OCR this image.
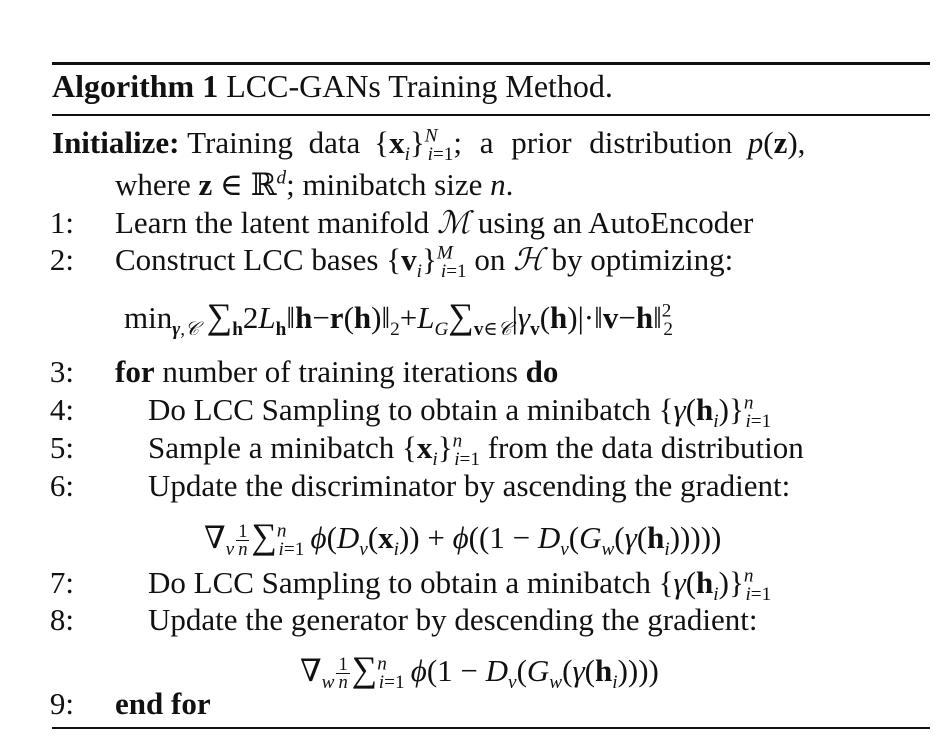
Algorithm 1 LCC-GANs Training Method.
Initialize: Training data  $\{x_i\}^N_{i=1}$; a prior distribution p(z),
where z ∈ ℝ$^d$; minibatch size n.
1: Learn the latent manifold ℳ using an AutoEncoder
2: Construct LCC bases $\{v_i\}^M_{i=1}$ on ℋ by optimizing:
$\min_{\gamma,𝒞}$ $\sum_h2L_h‖h-r(h)‖_2+L_G\sum_{v\in 𝒞}|\gamma_v(h)|\cdot‖v-h‖^2_2$
3: for number of training iterations do
4: Do LCC Sampling to obtain a minibatch $\{\gamma(h_i)\}^n_{i=1}$
5: Sample a minibatch $\{x_i\}^n_{i=1}$ from the data distribution
6: Update the discriminator by ascending the gradient:
$\nabla_v \frac{1}{n} \sum^n_{i=1}$  $\phi(D_v(x_i)) + \phi((1 - D_v(G_w(\gamma(h_i)))))$
7: Do LCC Sampling to obtain a minibatch $\{\gamma(h_i)\}^n_{i=1}$
8: Update the generator by descending the gradient:
$\nabla_w \frac{1}{n} \sum^n_{i=1}$  $\phi(1 - D_v(G_w(\gamma(h_i))))$
9: end for
